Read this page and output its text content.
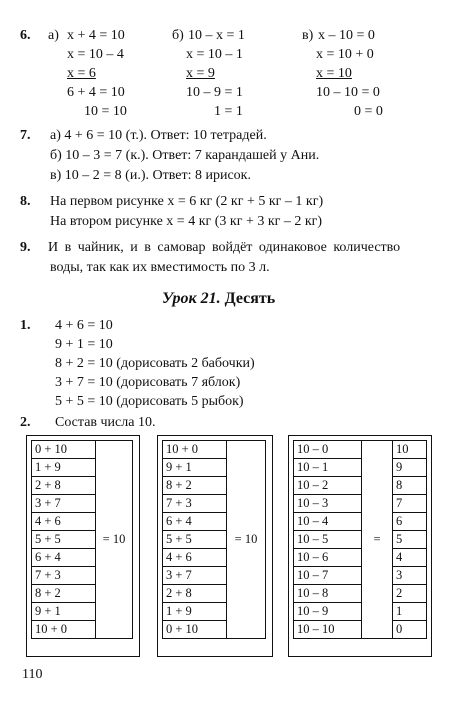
6. а) x + 4 = 10
x = 10 – 4
x = 6
6 + 4 = 10
10 = 10
б) 10 – x = 1
x = 10 – 1
x = 9
10 – 9 = 1
1 = 1
в) x – 10 = 0
x = 10 + 0
x = 10
10 – 10 = 0
0 = 0
7. а) 4 + 6 = 10 (т.). Ответ: 10 тетрадей.
б) 10 – 3 = 7 (к.). Ответ: 7 карандашей у Ани.
в) 10 – 2 = 8 (и.). Ответ: 8 ирисок.
8. На первом рисунке x = 6 кг (2 кг + 5 кг – 1 кг)
На втором рисунке x = 4 кг (3 кг + 3 кг – 2 кг)
9. И в чайник, и в самовар войдёт одинаковое количество
воды, так как их вместимость по 3 л.
Урок 21. Десять
1. 4 + 6 = 10
9 + 1 = 10
8 + 2 = 10 (дорисовать 2 бабочки)
3 + 7 = 10 (дорисовать 7 яблок)
5 + 5 = 10 (дорисовать 5 рыбок)
2. Состав числа 10.
0 + 10	= 10
1 + 9
2 + 8
3 + 7
4 + 6
5 + 5
6 + 4
7 + 3
8 + 2
9 + 1
10 + 0
10 + 0	= 10
9 + 1
8 + 2
7 + 3
6 + 4
5 + 5
4 + 6
3 + 7
2 + 8
1 + 9
0 + 10
10 – 0	=	10
10 – 1		9
10 – 2		8
10 – 3		7
10 – 4		6
10 – 5		5
10 – 6		4
10 – 7		3
10 – 8		2
10 – 9		1
10 – 10		0
110
